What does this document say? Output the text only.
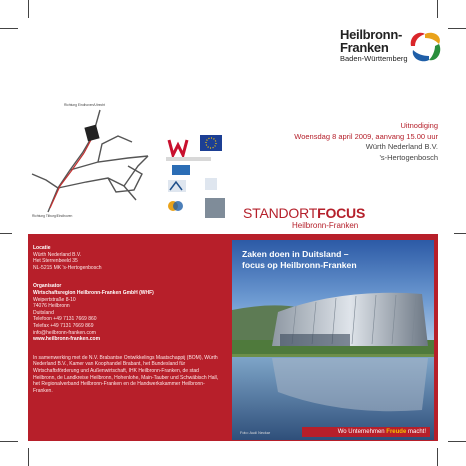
Heilbronn-
Franken
Baden-Württemberg
Richtung Eindhoven/Utrecht
Richtung Tilburg/Eindhoven
Uitnodiging
Woensdag 8 april 2009, aanvang 15.00 uur
Würth Nederland B.V.
's-Hertogenbosch
STANDORTFOCUS
Heilbronn-Franken
Locatie
Würth Nederland B.V.
Het Sterrenbeeld 35
NL-5215 MK 's-Hertogenbosch
Organisator
Wirtschaftsregion Heilbronn-Franken GmbH (WHF)
Weipertstraße 8-10
74076 Heilbronn
Duitsland
Telefoon +49 7131 7669 860
Telefax +49 7131 7669 869
info@heilbronn-franken.com
www.heilbronn-franken.com
In samenwerking met de N.V. Brabantse Ontwikkelings Maatschappij (BOM), Würth Nederland B.V., Kamer van Koophandel Brabant, het Bundesland für Wirtschaftsförderung und Außenwirtschaft, IHK Heilbronn-Franken, de stad Heilbronn, de Landkreise Heilbronn, Hohenlohe, Main-Tauber und Schwäbisch Hall, het Regionalverband Heilbronn-Franken en de Handwerkskammer Heilbronn-Franken.
Zaken doen in Duitsland –
focus op Heilbronn-Franken
Foto: Audi Neckar	Wo Unternehmen Freude macht!
